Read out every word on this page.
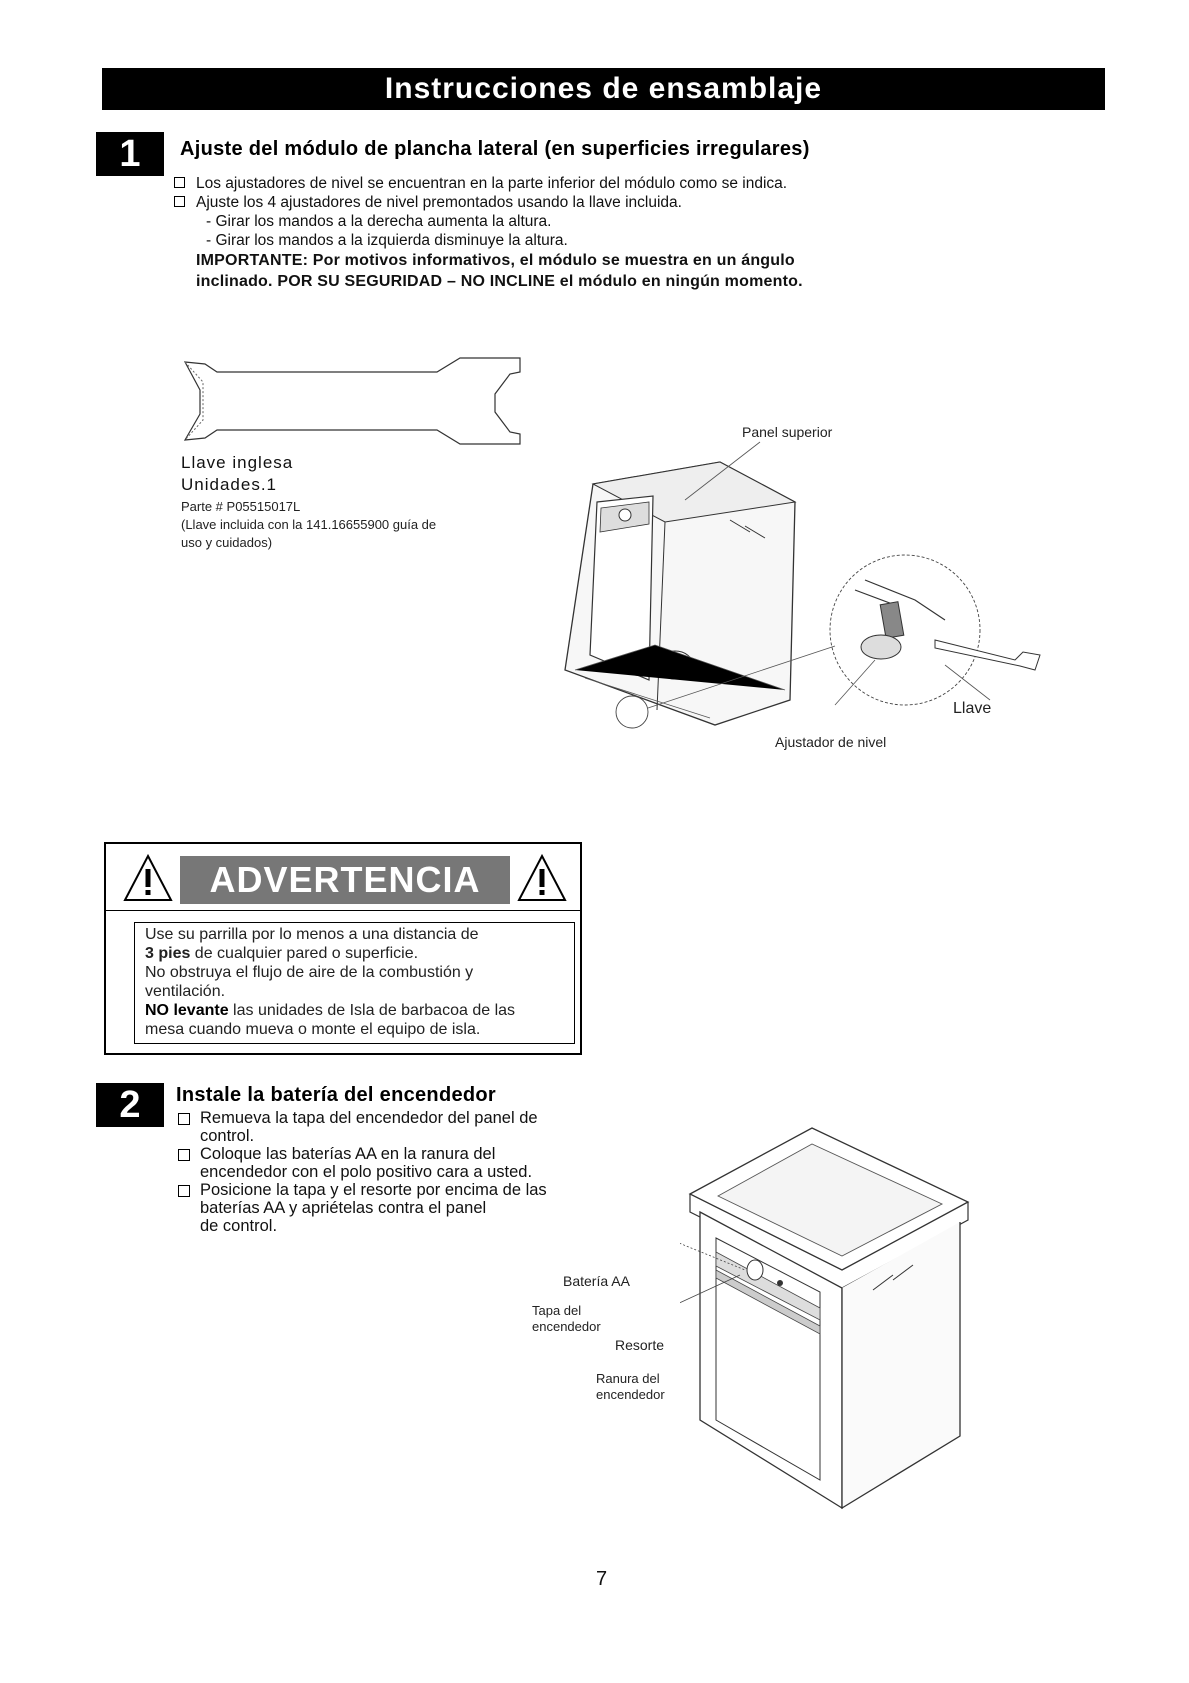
Instrucciones de ensamblaje
1	Ajuste del módulo de plancha lateral (en superficies irregulares)
Los ajustadores de nivel se encuentran en la parte inferior del módulo como se indica.
Ajuste los 4 ajustadores de nivel premontados usando la llave incluida.
- Girar los mandos a la derecha aumenta la altura.
- Girar los mandos a la izquierda disminuye la altura.
IMPORTANTE: Por motivos informativos, el módulo se muestra en un ángulo
inclinado. POR SU SEGURIDAD – NO INCLINE el módulo en ningún momento.
Llave inglesa
Unidades.1
Parte # P05515017L
(Llave incluida con la 141.16655900 guía de
uso y cuidados)
Panel superior
Llave
Ajustador de nivel
ADVERTENCIA

Use su parrilla por lo menos a una distancia de

3 pies de cualquier pared o superficie.

No obstruya el flujo de aire de la combustión y

ventilación.

NO levante las unidades de Isla de barbacoa de las

mesa cuando mueva o monte el equipo de isla.

2	Instale la batería del encendedor
Remueva la tapa del encendedor del panel de
control.
Coloque las baterías AA en la ranura del
encendedor con el polo positivo cara a usted.
Posicione la tapa y el resorte por encima de las
baterías AA y apriételas contra el panel
de control.
Batería AA
Tapa del
encendedor
Resorte
Ranura del
encendedor
7
